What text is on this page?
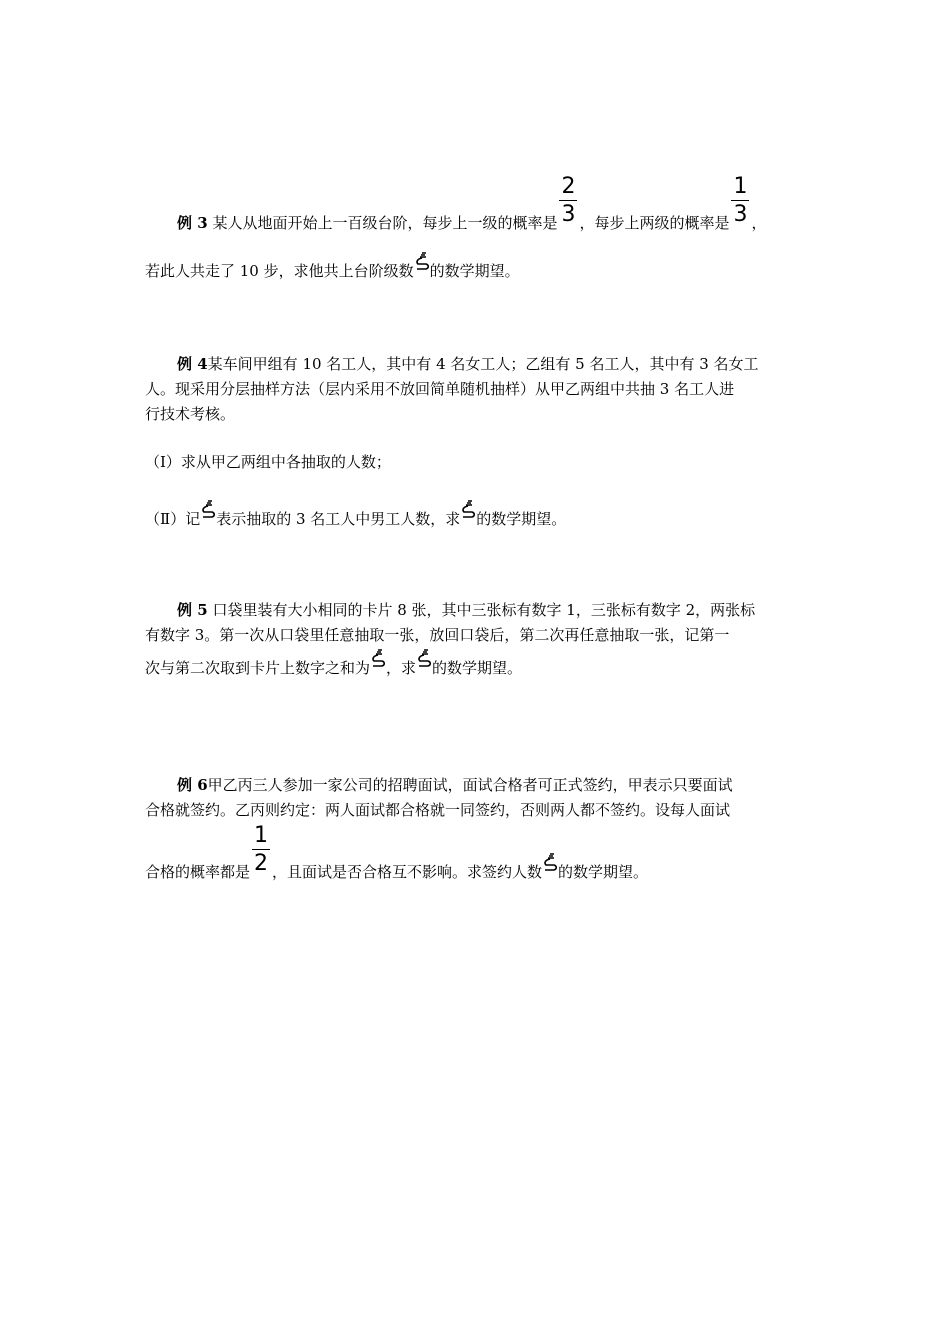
例 3 某人从地面开始上一百级台阶，每步上一级的概率是 $\frac{2}{3}$ ，每步上两级的概率是 $\frac{1}{3}$ ，
若此人共走了 10 步，求他共上台阶级数 的数学期望。
例 4某车间甲组有 10 名工人，其中有 4 名女工人；乙组有 5 名工人，其中有 3 名女工
人。现采用分层抽样方法（层内采用不放回简单随机抽样）从甲乙两组中共抽 3 名工人进
行技术考核。
（Ⅰ）求从甲乙两组中各抽取的人数；
（Ⅱ）记 表示抽取的 3 名工人中男工人数，求 的数学期望。
例 5 口袋里装有大小相同的卡片 8 张，其中三张标有数字 1，三张标有数字 2，两张标
有数字 3。第一次从口袋里任意抽取一张，放回口袋后，第二次再任意抽取一张，记第一
次与第二次取到卡片上数字之和为 ，求 的数学期望。
例 6甲乙丙三人参加一家公司的招聘面试，面试合格者可正式签约，甲表示只要面试
合格就签约。乙丙则约定：两人面试都合格就一同签约，否则两人都不签约。设每人面试
合格的概率都是 $\frac{1}{2}$ ，且面试是否合格互不影响。求签约人数 的数学期望。
